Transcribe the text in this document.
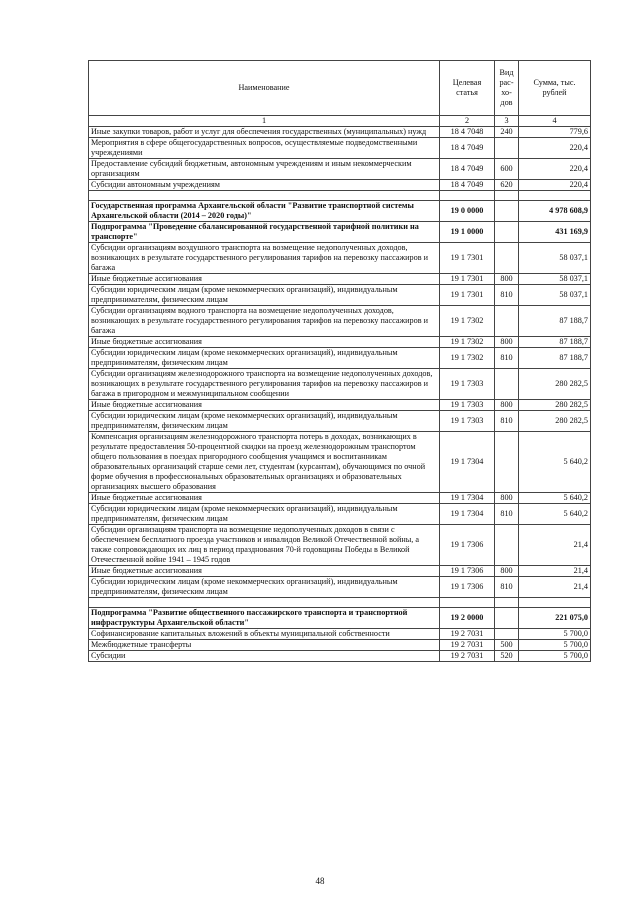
Наименование	Целевая статья	Вид рас-хо-дов	Сумма, тыс. рублей
1	2	3	4
Иные закупки товаров, работ и услуг для обеспечения государственных (муниципальных) нужд	18 4 7048	240	779,6
Мероприятия в сфере общегосударственных вопросов, осуществляемые подведомственными учреждениями	18 4 7049		220,4
Предоставление субсидий бюджетным, автономным учреждениям и иным некоммерческим организациям	18 4 7049	600	220,4
Субсидии автономным учреждениям	18 4 7049	620	220,4

Государственная программа Архангельской области "Развитие транспортной системы Архангельской области (2014 – 2020 годы)"	19 0 0000		4 978 608,9
Подпрограмма "Проведение сбалансированной государственной тарифной политики на транспорте"	19 1 0000		431 169,9
Субсидии организациям воздушного транспорта на возмещение недополученных доходов, возникающих в результате государственного регулирования тарифов на перевозку пассажиров и багажа	19 1 7301		58 037,1
Иные бюджетные ассигнования	19 1 7301	800	58 037,1
Субсидии юридическим лицам (кроме некоммерческих организаций), индивидуальным предпринимателям, физическим лицам	19 1 7301	810	58 037,1
Субсидии организациям водного транспорта на возмещение недополученных доходов, возникающих в результате государственного регулирования тарифов на перевозку пассажиров и багажа	19 1 7302		87 188,7
Иные бюджетные ассигнования	19 1 7302	800	87 188,7
Субсидии юридическим лицам (кроме некоммерческих организаций), индивидуальным предпринимателям, физическим лицам	19 1 7302	810	87 188,7
Субсидии организациям железнодорожного транспорта на возмещение недополученных доходов, возникающих в результате государственного регулирования тарифов на перевозку пассажиров и багажа в пригородном и межмуниципальном сообщении	19 1 7303		280 282,5
Иные бюджетные ассигнования	19 1 7303	800	280 282,5
Субсидии юридическим лицам (кроме некоммерческих организаций), индивидуальным предпринимателям, физическим лицам	19 1 7303	810	280 282,5
Компенсация организациям железнодорожного транспорта потерь в доходах, возникающих в результате предоставления 50-процентной скидки на проезд железнодорожным транспортом общего пользования в поездах пригородного сообщения учащимся и воспитанникам образовательных организаций старше семи лет, студентам (курсантам), обучающимся по очной форме обучения в профессиональных образовательных организациях и образовательных организациях высшего образования	19 1 7304		5 640,2
Иные бюджетные ассигнования	19 1 7304	800	5 640,2
Субсидии юридическим лицам (кроме некоммерческих организаций), индивидуальным предпринимателям, физическим лицам	19 1 7304	810	5 640,2
Субсидии организациям транспорта на возмещение недополученных доходов в связи с обеспечением бесплатного проезда участников и инвалидов Великой Отечественной войны, а также сопровождающих их лиц в период празднования 70-й годовщины Победы в Великой Отечественной войне 1941 – 1945 годов	19 1 7306		21,4
Иные бюджетные ассигнования	19 1 7306	800	21,4
Субсидии юридическим лицам (кроме некоммерческих организаций), индивидуальным предпринимателям, физическим лицам	19 1 7306	810	21,4

Подпрограмма "Развитие общественного пассажирского транспорта и транспортной инфраструктуры Архангельской области"	19 2 0000		221 075,0
Софинансирование капитальных вложений в объекты муниципальной собственности	19 2 7031		5 700,0
Межбюджетные трансферты	19 2 7031	500	5 700,0
Субсидии	19 2 7031	520	5 700,0
48
